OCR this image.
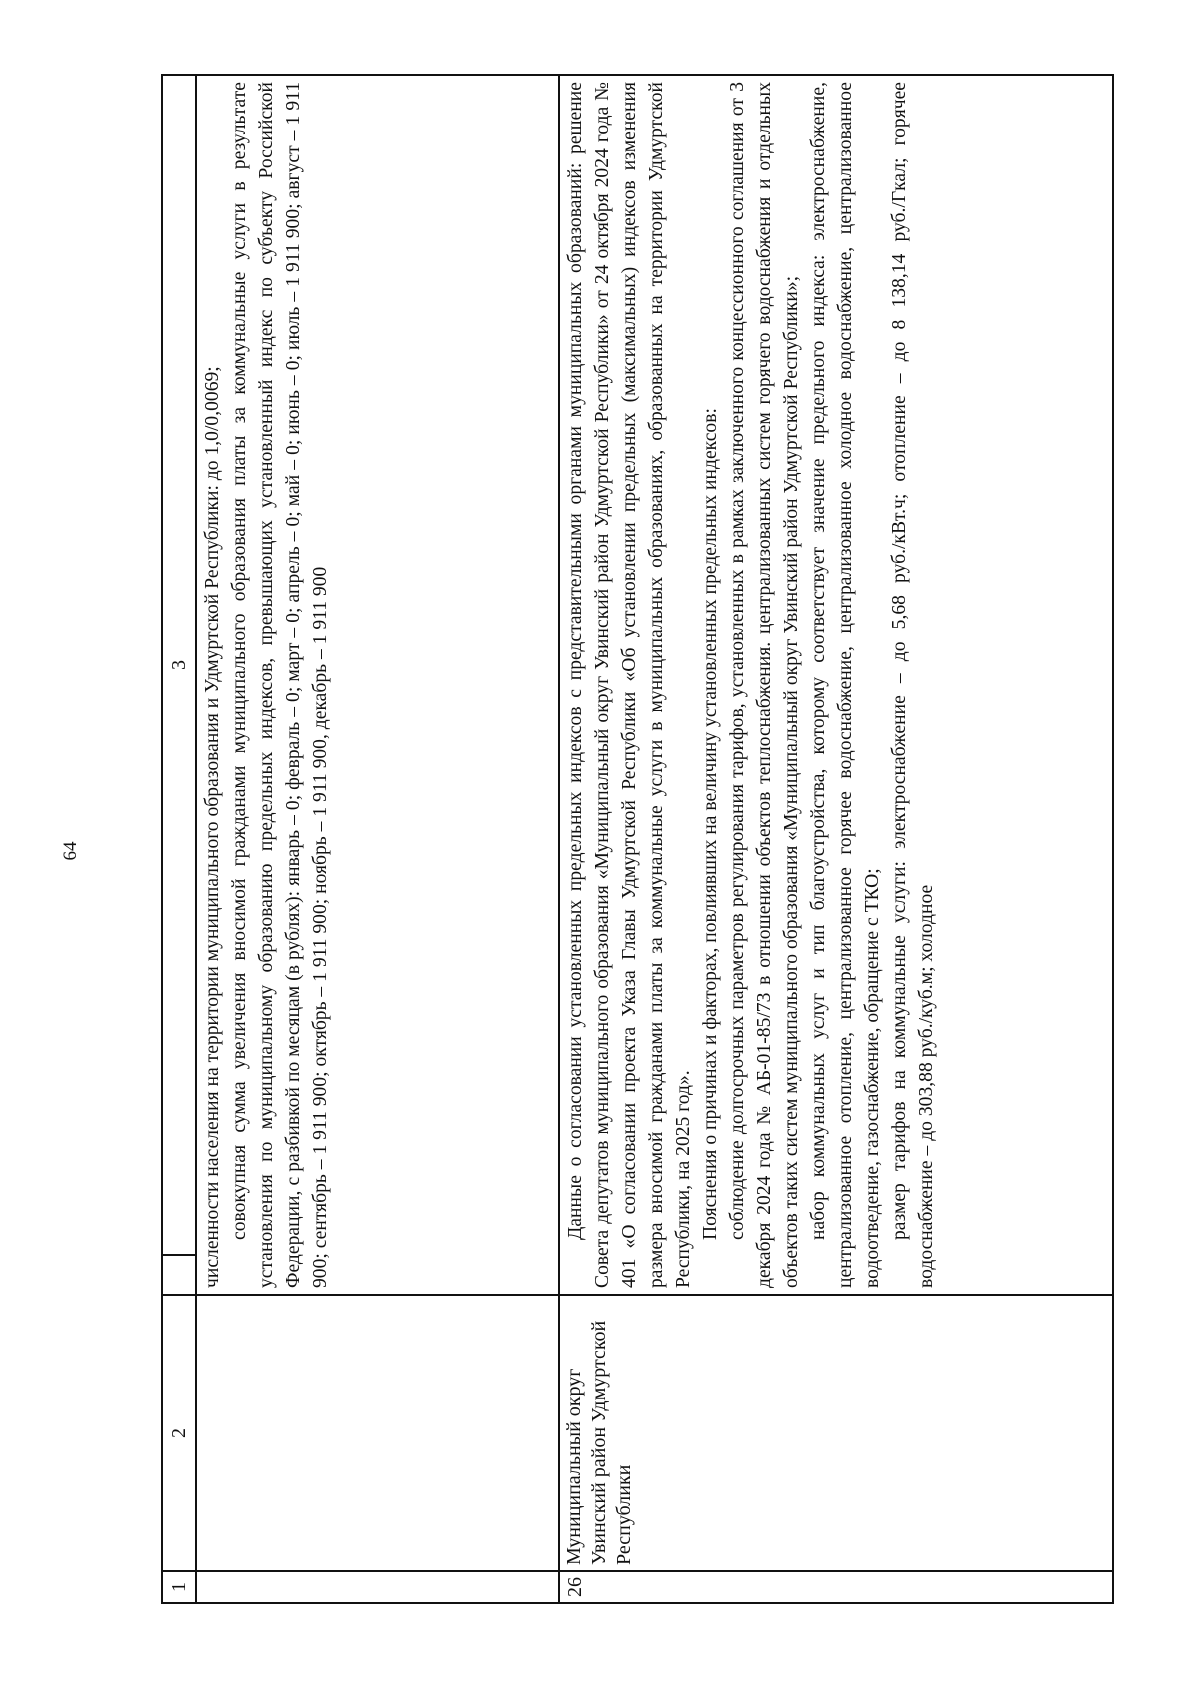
64
1	2		3

		численности населения на территории муниципального образования и Удмуртской Республики: до 1,0/0,0069; совокупная сумма увеличения вносимой гражданами муниципального образования платы за коммунальные услуги в результате установления по муниципальному образованию предельных индексов, превышающих установленный индекс по субъекту Российской Федерации, с разбивкой по месяцам (в рублях): январь – 0; февраль – 0; март – 0; апрель – 0; май – 0; июнь – 0; июль – 1 911 900; август – 1 911 900; сентябрь – 1 911 900; октябрь – 1 911 900; ноябрь – 1 911 900, декабрь – 1 911 900	

26	Муниципальный округ Увинский район Удмуртской Республики	Данные о согласовании установленных предельных индексов с представительными органами муниципальных образований: решение Совета депутатов муниципального образования «Муниципальный округ Увинский район Удмуртской Республики» от 24 октября 2024 года № 401 «О согласовании проекта Указа Главы Удмуртской Республики «Об установлении предельных (максимальных) индексов изменения размера вносимой гражданами платы за коммунальные услуги в муниципальных образованиях, образованных на территории Удмуртской Республики, на 2025 год». Пояснения о причинах и факторах, повлиявших на величину установленных предельных индексов: соблюдение долгосрочных параметров регулирования тарифов, установленных в рамках заключенного концессионного соглашения от 3 декабря 2024 года № АБ-01-85/73 в отношении объектов теплоснабжения. централизованных систем горячего водоснабжения и отдельных объектов таких систем муниципального образования «Муниципальный округ Увинский район Удмуртской Республики»; набор коммунальных услуг и тип благоустройства, которому соответствует значение предельного индекса: электроснабжение, централизованное отопление, централизованное горячее водоснабжение, централизованное холодное водоснабжение, централизованное водоотведение, газоснабжение, обращение с ТКО; размер тарифов на коммунальные услуги: электроснабжение – до 5,68 руб./кВт.ч; отопление – до 8 138,14 руб./Гкал; горячее водоснабжение – до 303,88 руб./куб.м; холодное	
